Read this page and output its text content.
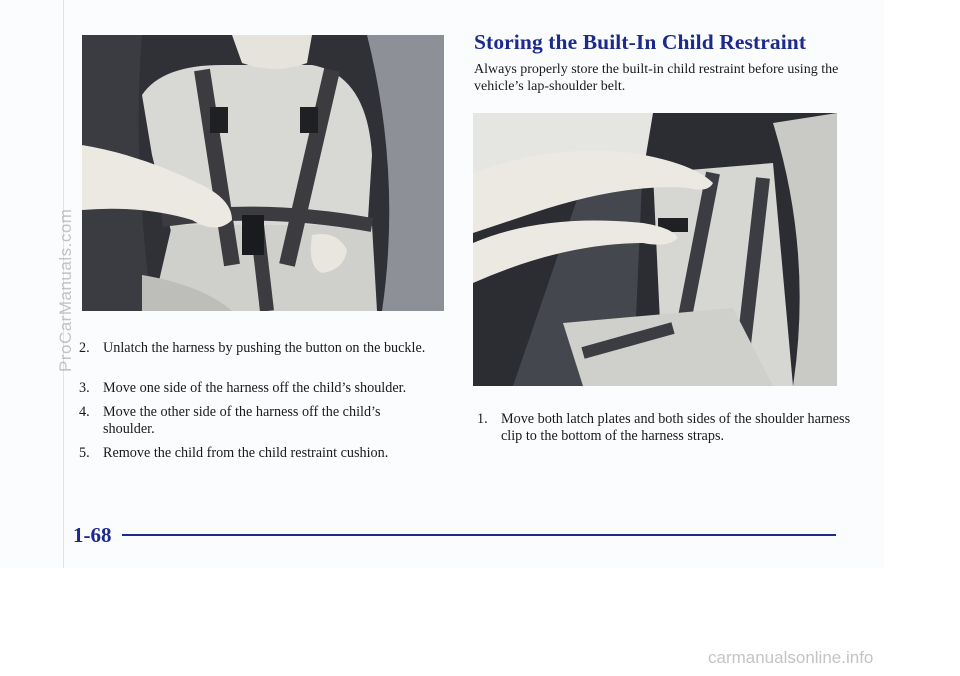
Storing the Built-In Child Restraint
Always properly store the built-in child restraint before using the vehicle’s lap-shoulder belt.
2. Unlatch the harness by pushing the button on the buckle.
3. Move one side of the harness off the child’s shoulder.
4. Move the other side of the harness off the child’s shoulder.
5. Remove the child from the child restraint cushion.
1. Move both latch plates and both sides of the shoulder harness clip to the bottom of the harness straps.
1-68
ProCarManuals.com
carmanualsonline.info
